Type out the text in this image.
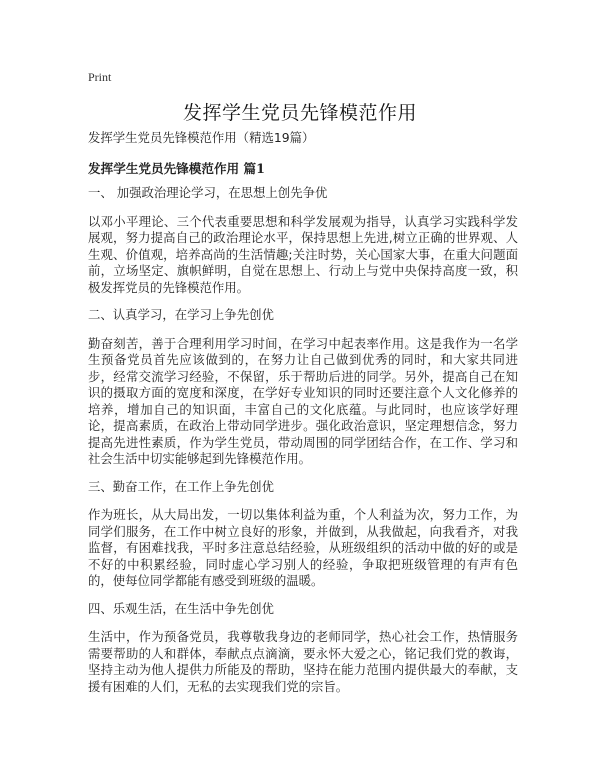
Print
发挥学生党员先锋模范作用

发挥学生党员先锋模范作用（精选19篇）

发挥学生党员先锋模范作用 篇1

一、 加强政治理论学习，在思想上创先争优

以邓小平理论、三个代表重要思想和科学发展观为指导，认真学习实践科学发展观，努力提高自己的政治理论水平，保持思想上先进,树立正确的世界观、人生观、价值观，培养高尚的生活情趣;关注时势，关心国家大事，在重大问题面前，立场坚定、旗帜鲜明，自觉在思想上、行动上与党中央保持高度一致，积极发挥党员的先锋模范作用。

二、认真学习，在学习上争先创优

勤奋刻苦，善于合理利用学习时间，在学习中起表率作用。这是我作为一名学生预备党员首先应该做到的，在努力让自己做到优秀的同时，和大家共同进步，经常交流学习经验，不保留，乐于帮助后进的同学。另外，提高自己在知识的摄取方面的宽度和深度，在学好专业知识的同时还要注意个人文化修养的培养，增加自己的知识面，丰富自己的文化底蕴。与此同时，也应该学好理论，提高素质，在政治上带动同学进步。强化政治意识，坚定理想信念，努力提高先进性素质，作为学生党员，带动周围的同学团结合作，在工作、学习和社会生活中切实能够起到先锋模范作用。

三、勤奋工作，在工作上争先创优

作为班长，从大局出发，一切以集体利益为重，个人利益为次，努力工作，为同学们服务，在工作中树立良好的形象，并做到，从我做起，向我看齐，对我监督，有困难找我，平时多注意总结经验，从班级组织的活动中做的好的或是不好的中积累经验，同时虚心学习别人的经验，争取把班级管理的有声有色的，使每位同学都能有感受到班级的温暖。

四、乐观生活，在生活中争先创优

生活中，作为预备党员，我尊敬我身边的老师同学，热心社会工作，热情服务需要帮助的人和群体，奉献点点滴滴，要永怀大爱之心，铭记我们党的教诲，坚持主动为他人提供力所能及的帮助，坚持在能力范围内提供最大的奉献，支援有困难的人们，无私的去实现我们党的宗旨。
